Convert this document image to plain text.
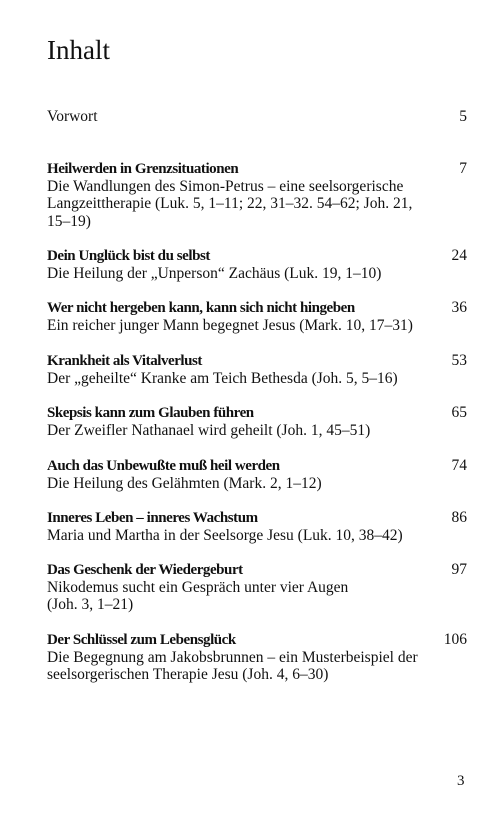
Inhalt
Vorwort	5
Heilwerden in Grenzsituationen	7
Die Wandlungen des Simon-Petrus – eine seelsorgerische
Langzeittherapie (Luk. 5, 1–11; 22, 31–32. 54–62; Joh. 21,
15–19)
Dein Unglück bist du selbst	24
Die Heilung der „Unperson“ Zachäus (Luk. 19, 1–10)
Wer nicht hergeben kann, kann sich nicht hingeben	36
Ein reicher junger Mann begegnet Jesus (Mark. 10, 17–31)
Krankheit als Vitalverlust	53
Der „geheilte“ Kranke am Teich Bethesda (Joh. 5, 5–16)
Skepsis kann zum Glauben führen	65
Der Zweifler Nathanael wird geheilt (Joh. 1, 45–51)
Auch das Unbewußte muß heil werden	74
Die Heilung des Gelähmten (Mark. 2, 1–12)
Inneres Leben – inneres Wachstum	86
Maria und Martha in der Seelsorge Jesu (Luk. 10, 38–42)
Das Geschenk der Wiedergeburt	97
Nikodemus sucht ein Gespräch unter vier Augen
(Joh. 3, 1–21)
Der Schlüssel zum Lebensglück	106
Die Begegnung am Jakobsbrunnen – ein Musterbeispiel der
seelsorgerischen Therapie Jesu (Joh. 4, 6–30)
3
